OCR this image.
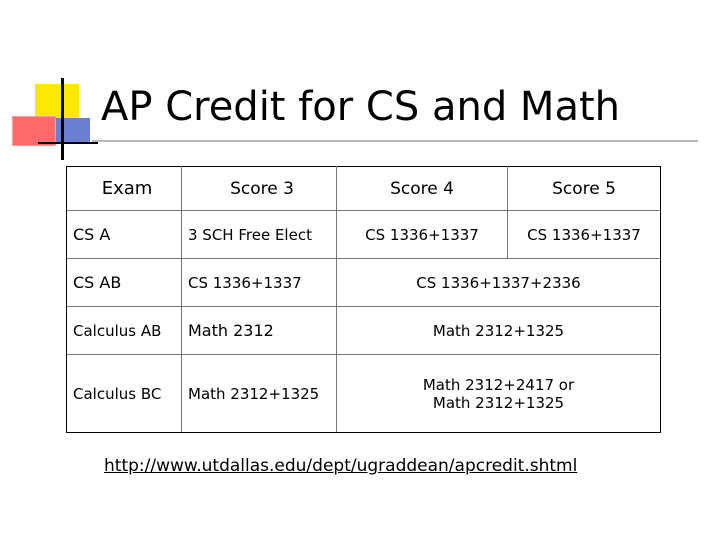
AP Credit for CS and Math
Exam	Score 3	Score 4	Score 5
CS A	3 SCH Free Elect	CS 1336+1337	CS 1336+1337
CS AB	CS 1336+1337	CS 1336+1337+2336	
Calculus AB	Math 2312	Math 2312+1325	
Calculus BC	Math 2312+1325	Math 2312+2417 or
Math 2312+1325	
http://www.utdallas.edu/dept/ugraddean/apcredit.shtml
